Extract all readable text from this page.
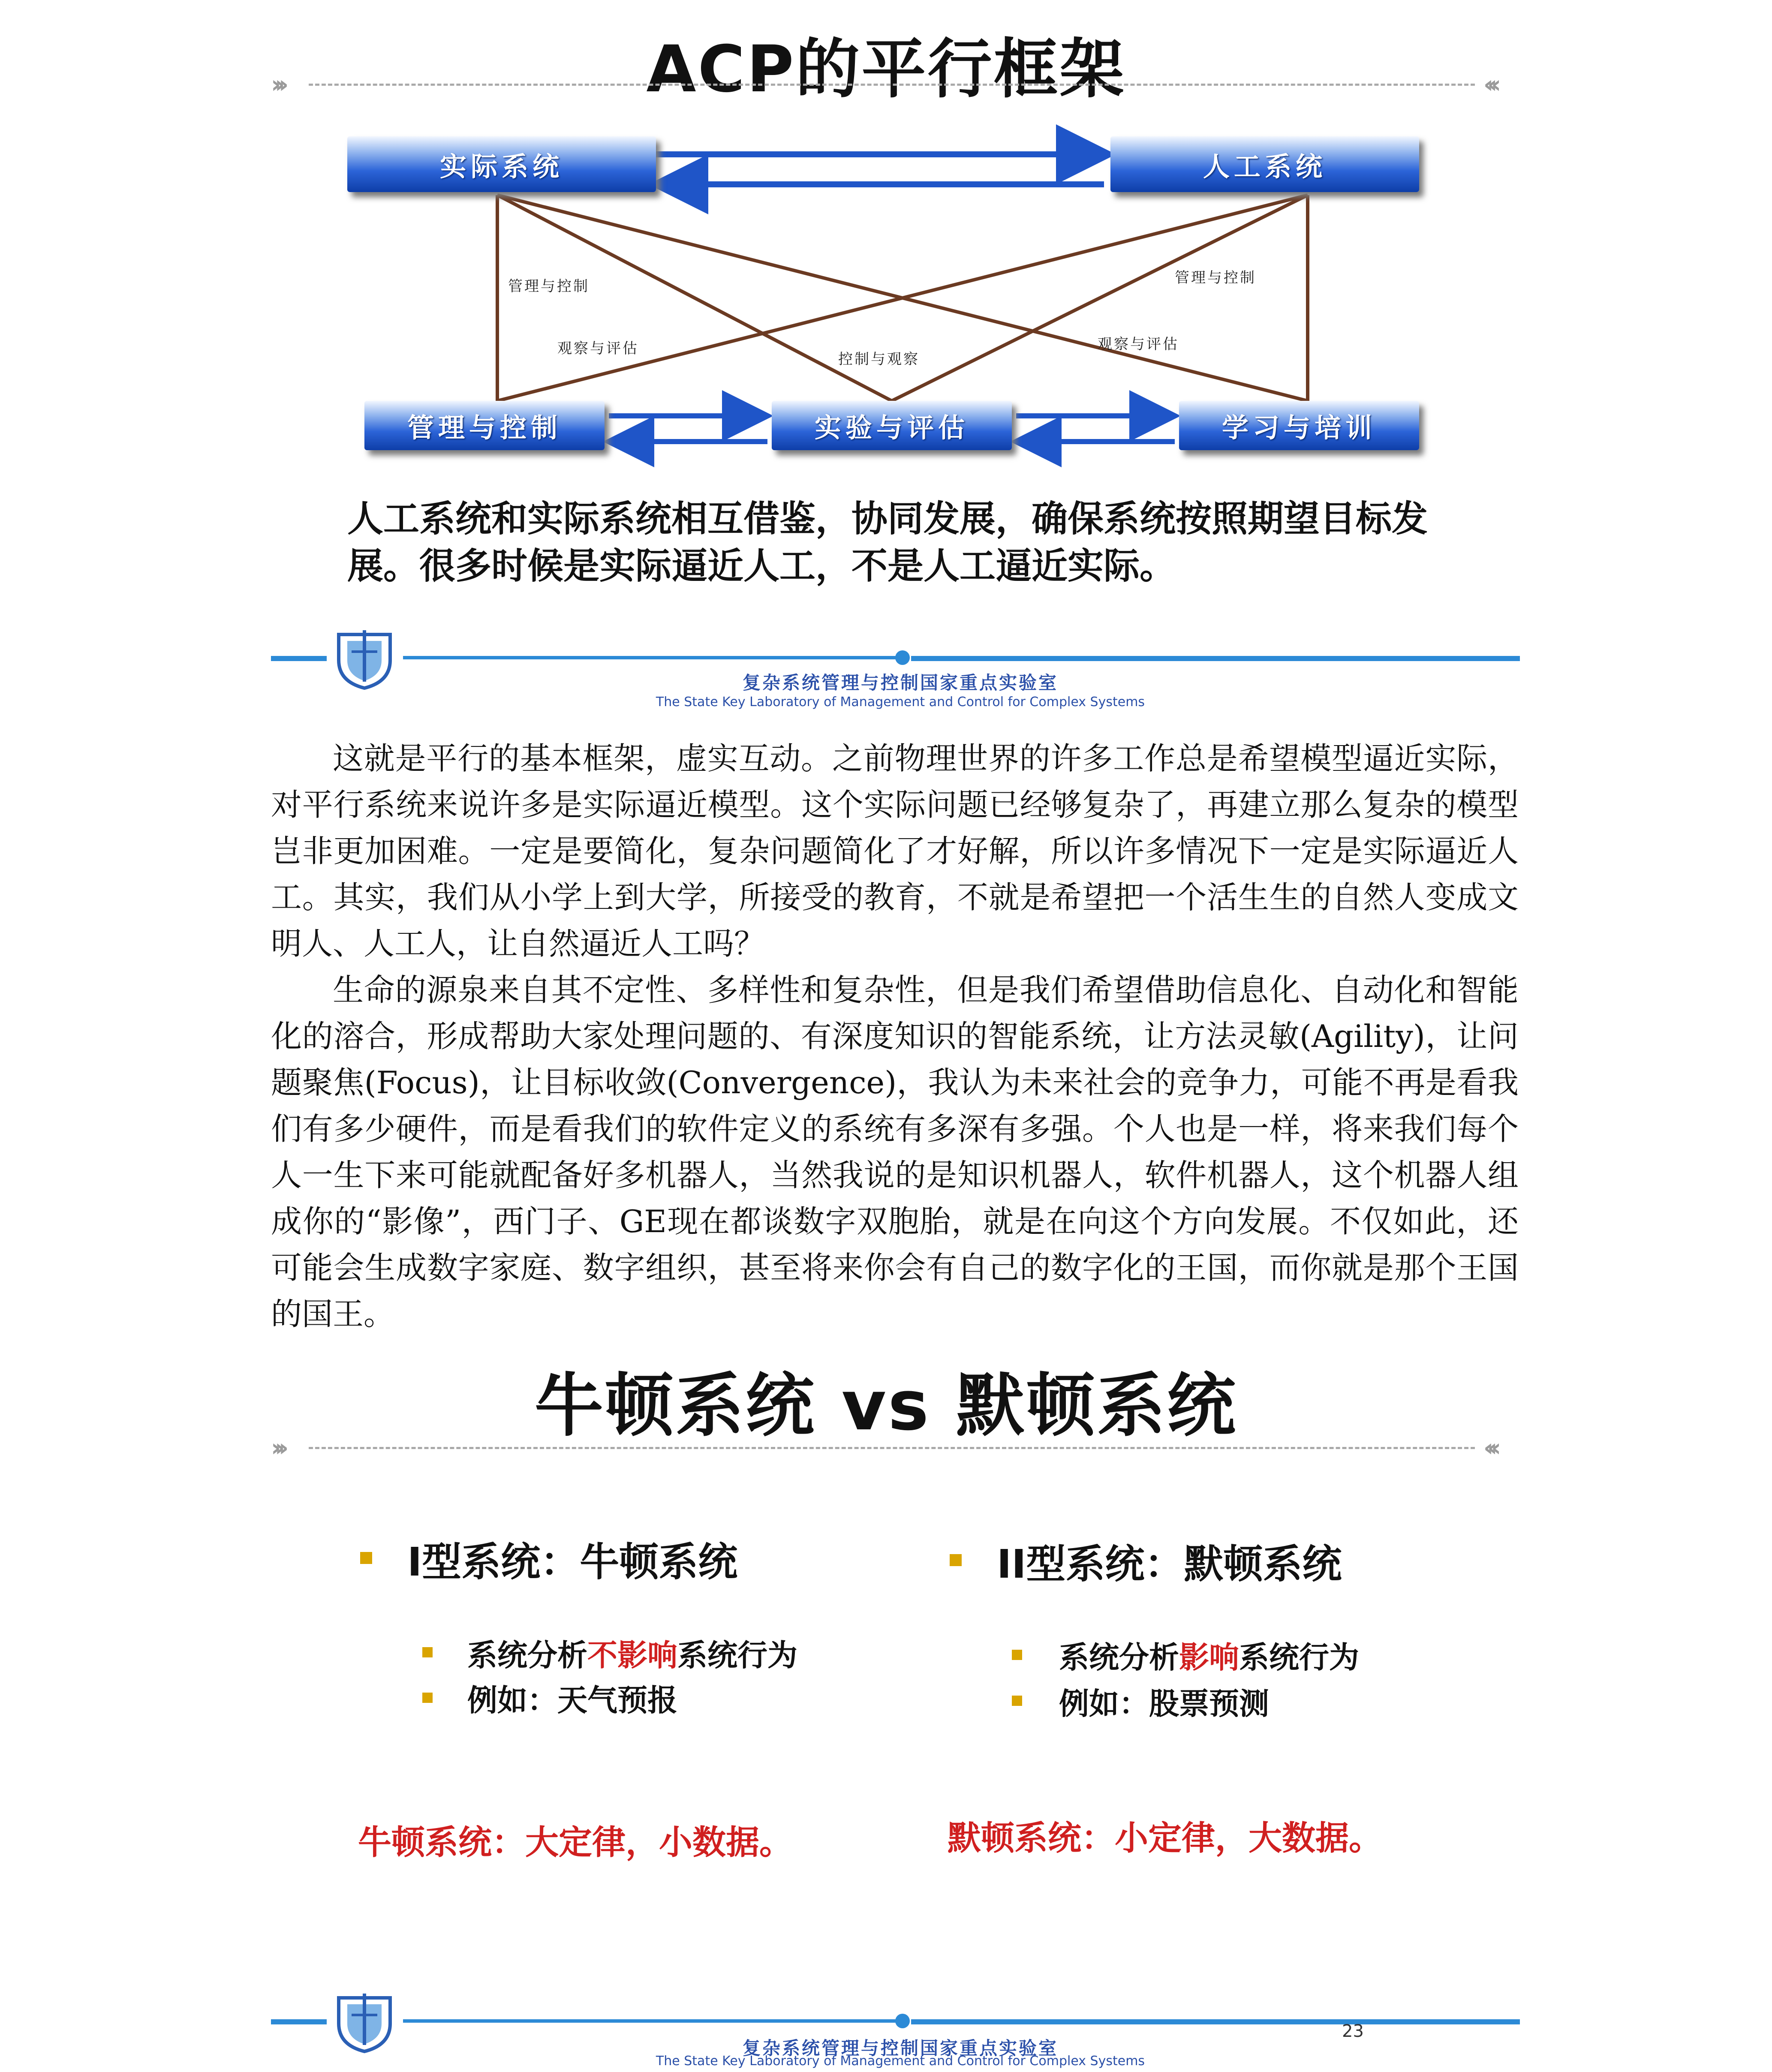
ACP的平行框架
›››	‹‹‹
实际系统	人工系统
管理与控制	实验与评估	学习与培训
管理与控制	管理与控制
观察与评估	观察与评估
控制与观察
人工系统和实际系统相互借鉴，协同发展，确保系统按照期望目标发展。很多时候是实际逼近人工，不是人工逼近实际。
复杂系统管理与控制国家重点实验室
The State Key Laboratory of Management and Control for Complex Systems

这就是平行的基本框架，虚实互动。之前物理世界的许多工作总是希望模型逼近实际，对平行系统来说许多是实际逼近模型。这个实际问题已经够复杂了，再建立那么复杂的模型岂非更加困难。一定是要简化，复杂问题简化了才好解，所以许多情况下一定是实际逼近人工。其实，我们从小学上到大学，所接受的教育，不就是希望把一个活生生的自然人变成文明人、人工人，让自然逼近人工吗？

生命的源泉来自其不定性、多样性和复杂性，但是我们希望借助信息化、自动化和智能化的溶合，形成帮助大家处理问题的、有深度知识的智能系统，让方法灵敏(Agility)，让问题聚焦(Focus)，让目标收敛(Convergence)，我认为未来社会的竞争力，可能不再是看我们有多少硬件，而是看我们的软件定义的系统有多深有多强。个人也是一样，将来我们每个人一生下来可能就配备好多机器人，当然我说的是知识机器人，软件机器人，这个机器人组成你的“影像”，西门子、GE现在都谈数字双胞胎，就是在向这个方向发展。不仅如此，还可能会生成数字家庭、数字组织，甚至将来你会有自己的数字化的王国，而你就是那个王国的国王。

牛顿系统 vs 默顿系统
›››	‹‹‹
I型系统：牛顿系统
系统分析不影响系统行为
例如：天气预报
牛顿系统：大定律，小数据。
II型系统：默顿系统
系统分析影响系统行为
例如：股票预测
默顿系统：小定律，大数据。
23
复杂系统管理与控制国家重点实验室
The State Key Laboratory of Management and Control for Complex Systems
